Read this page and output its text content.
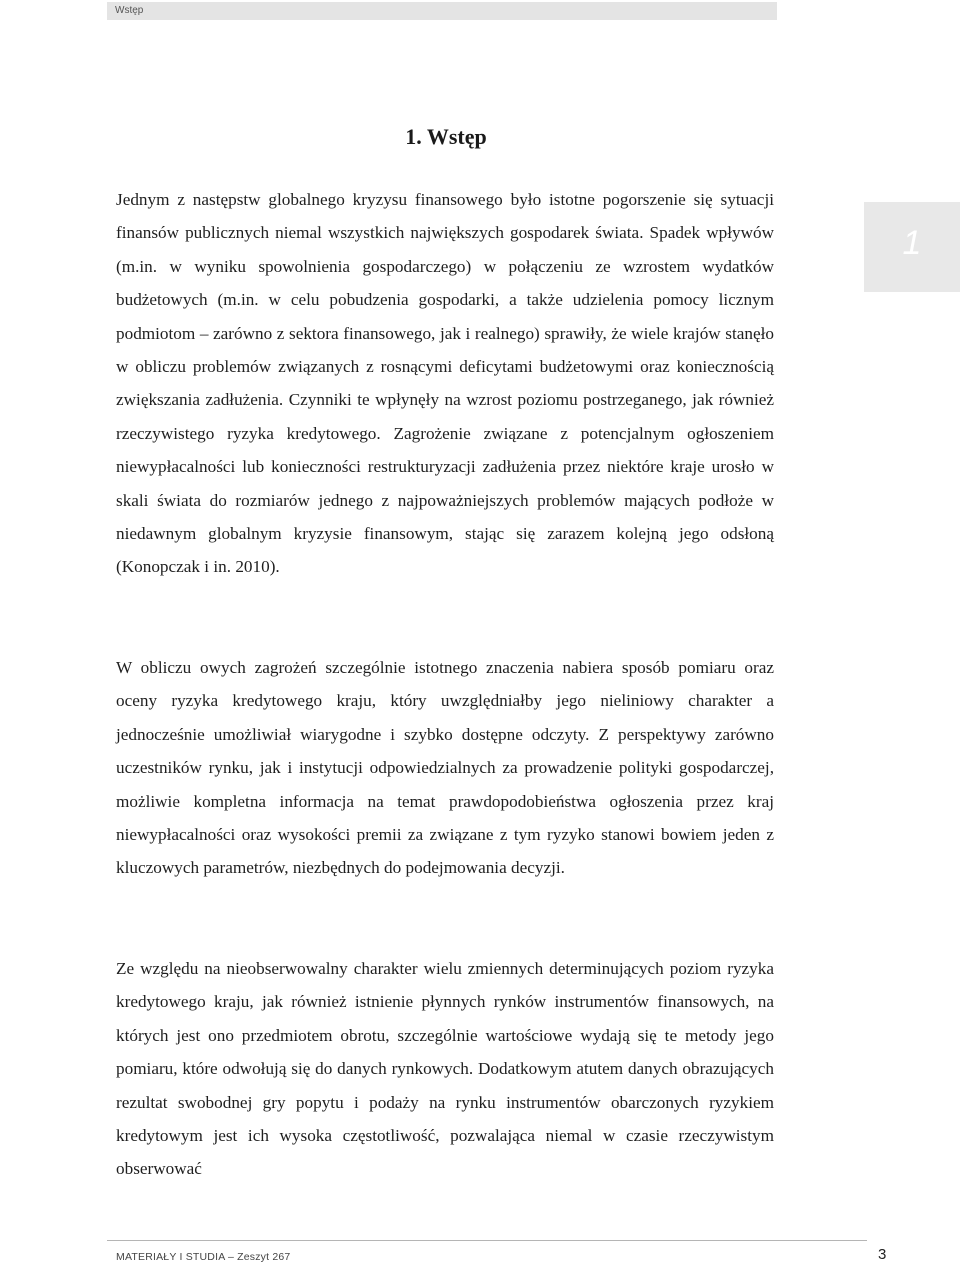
Wstęp
1
1. Wstęp

Jednym z następstw globalnego kryzysu finansowego było istotne pogorszenie się sytuacji finansów publicznych niemal wszystkich największych gospodarek świata. Spadek wpływów (m.in. w wyniku spowolnienia gospodarczego) w połączeniu ze wzrostem wydatków budżetowych (m.in. w celu pobudzenia gospodarki, a także udzielenia pomocy licznym podmiotom – zarówno z sektora finansowego, jak i realnego) sprawiły, że wiele krajów stanęło w obliczu problemów związanych z rosnącymi deficytami budżetowymi oraz koniecznością zwiększania zadłużenia. Czynniki te wpłynęły na wzrost poziomu postrzeganego, jak również rzeczywistego ryzyka kredytowego. Zagrożenie związane z potencjalnym ogłoszeniem niewypłacalności lub konieczności restrukturyzacji zadłużenia przez niektóre kraje urosło w skali świata do rozmiarów jednego z najpoważniejszych problemów mających podłoże w niedawnym globalnym kryzysie finansowym, stając się zarazem kolejną jego odsłoną (Konopczak i in. 2010).

W obliczu owych zagrożeń szczególnie istotnego znaczenia nabiera sposób pomiaru oraz oceny ryzyka kredytowego kraju, który uwzględniałby jego nieliniowy charakter a jednocześnie umożliwiał wiarygodne i szybko dostępne odczyty. Z perspektywy zarówno uczestników rynku, jak i instytucji odpowiedzialnych za prowadzenie polityki gospodarczej, możliwie kompletna informacja na temat prawdopodobieństwa ogłoszenia przez kraj niewypłacalności oraz wysokości premii za związane z tym ryzyko stanowi bowiem jeden z kluczowych parametrów, niezbędnych do podejmowania decyzji.

Ze względu na nieobserwowalny charakter wielu zmiennych determinujących poziom ryzyka kredytowego kraju, jak również istnienie płynnych rynków instrumentów finansowych, na których jest ono przedmiotem obrotu, szczególnie wartościowe wydają się te metody jego pomiaru, które odwołują się do danych rynkowych. Dodatkowym atutem danych obrazujących rezultat swobodnej gry popytu i podaży na rynku instrumentów obarczonych ryzykiem kredytowym jest ich wysoka częstotliwość, pozwalająca niemal w czasie rzeczywistym obserwować

MATERIAŁY I STUDIA – Zeszyt 267	3
